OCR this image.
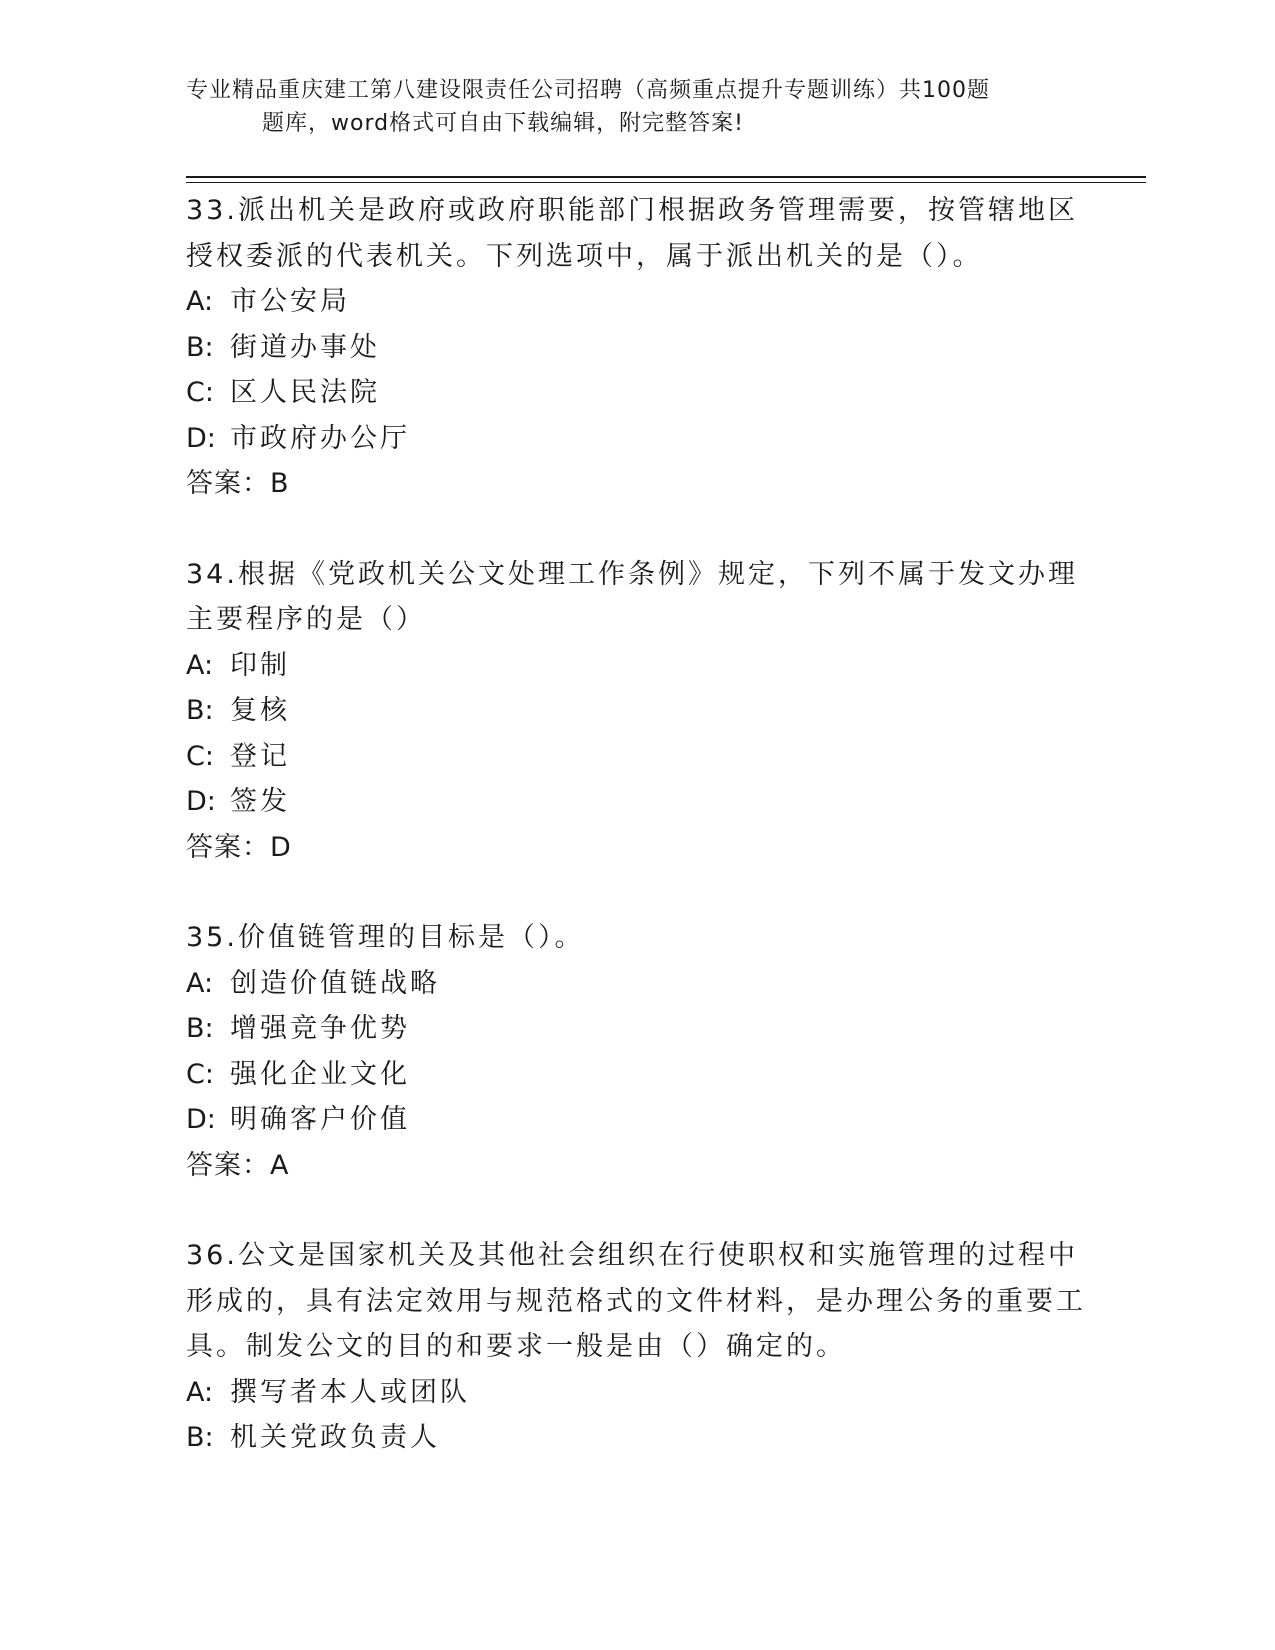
专业精品重庆建工第八建设限责任公司招聘（高频重点提升专题训练）共100题
题库，word格式可自由下载编辑，附完整答案!
33.派出机关是政府或政府职能部门根据政务管理需要，按管辖地区授权委派的代表机关。下列选项中，属于派出机关的是（）。
A: 市公安局
B: 街道办事处
C: 区人民法院
D: 市政府办公厅
答案：B
34.根据《党政机关公文处理工作条例》规定，下列不属于发文办理主要程序的是（）
A: 印制
B: 复核
C: 登记
D: 签发
答案：D
35.价值链管理的目标是（）。
A: 创造价值链战略
B: 增强竞争优势
C: 强化企业文化
D: 明确客户价值
答案：A
36.公文是国家机关及其他社会组织在行使职权和实施管理的过程中形成的，具有法定效用与规范格式的文件材料，是办理公务的重要工具。制发公文的目的和要求一般是由（）确定的。
A: 撰写者本人或团队
B: 机关党政负责人
